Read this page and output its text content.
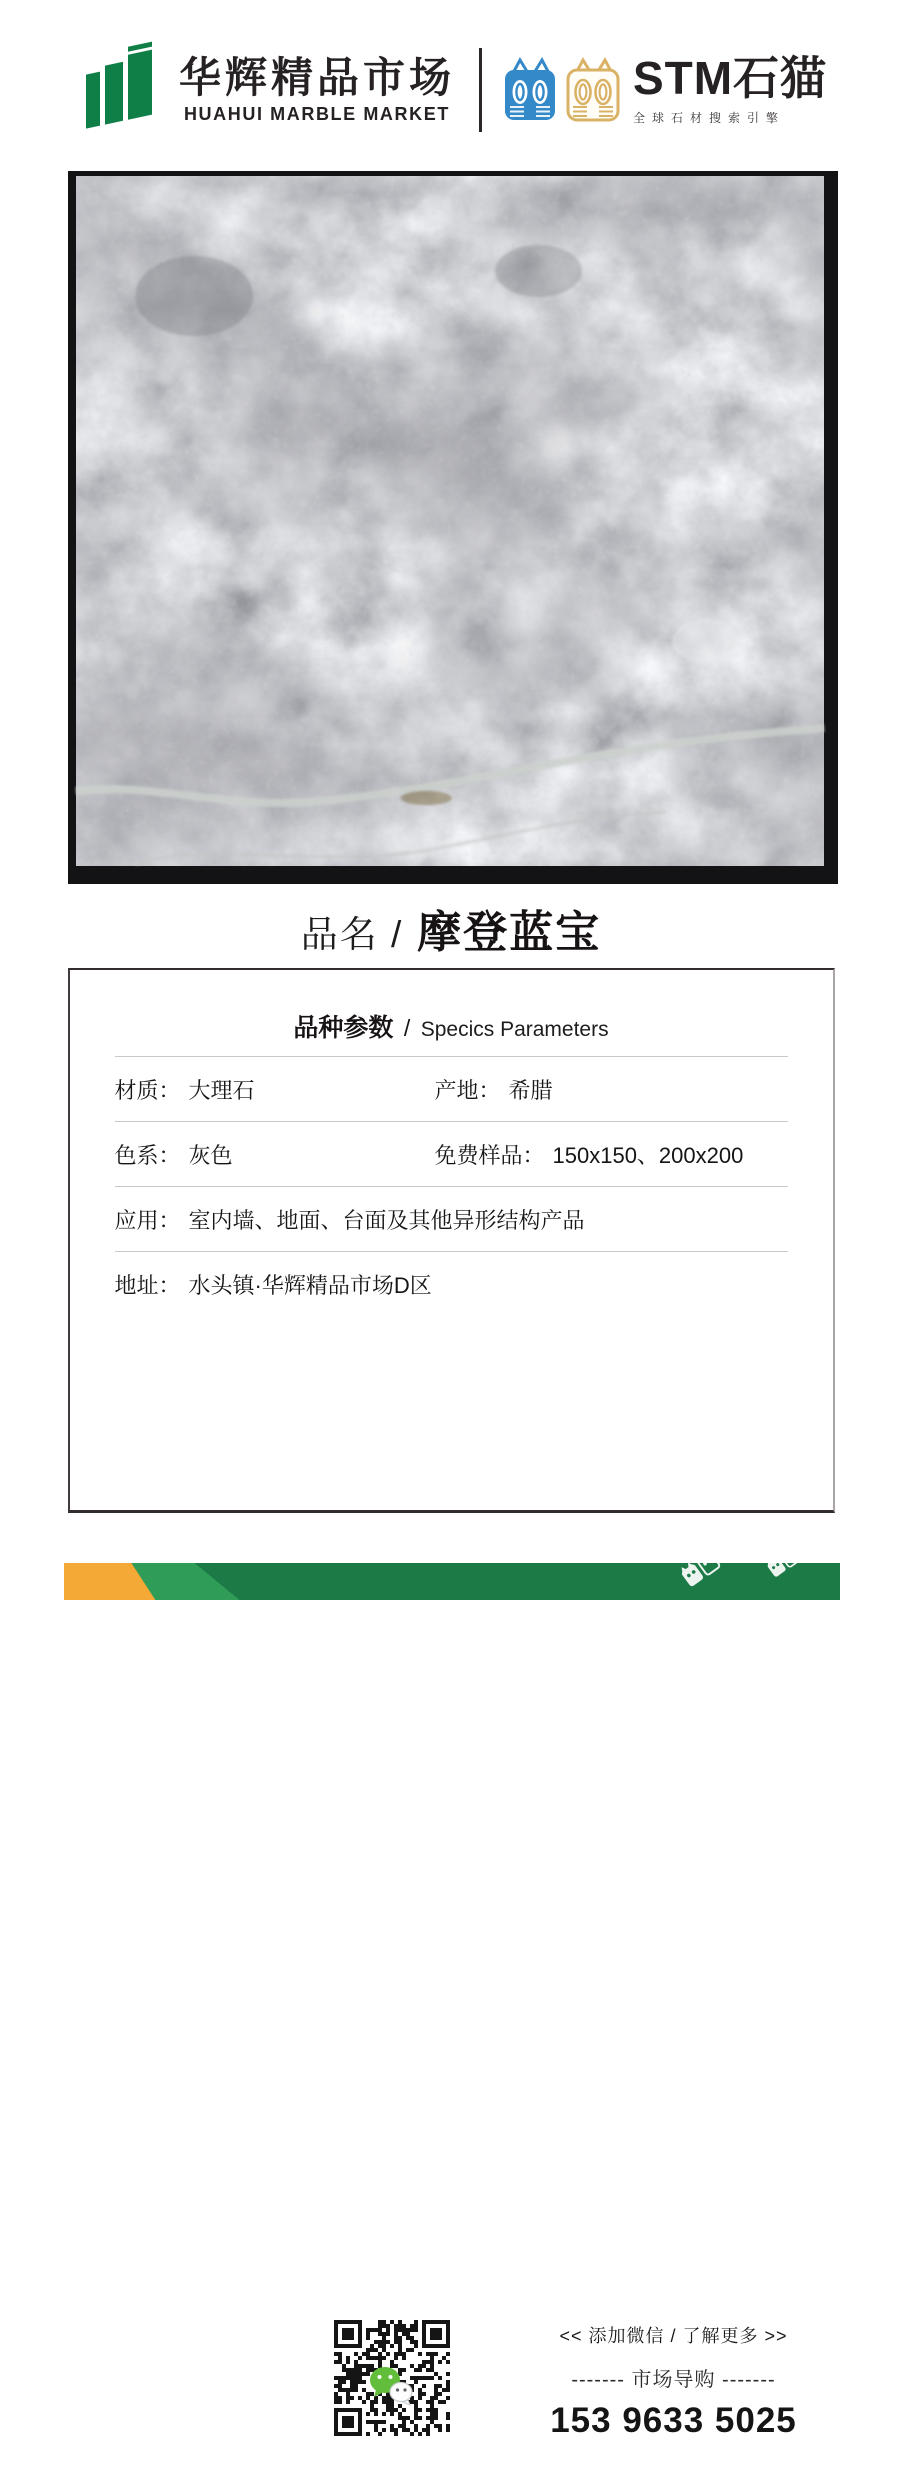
华辉精品市场
HUAHUI MARBLE MARKET
STM石猫
全球石材搜索引擎
品名 / 摩登蓝宝
品种参数 / Specics Parameters
材质： 大理石	产地： 希腊
色系： 灰色	免费样品： 150x150、200x200
应用： 室内墙、地面、台面及其他异形结构产品
地址： 水头镇·华辉精品市场D区
<< 添加微信 / 了解更多 >>
------- 市场导购 -------
153 9633 5025
